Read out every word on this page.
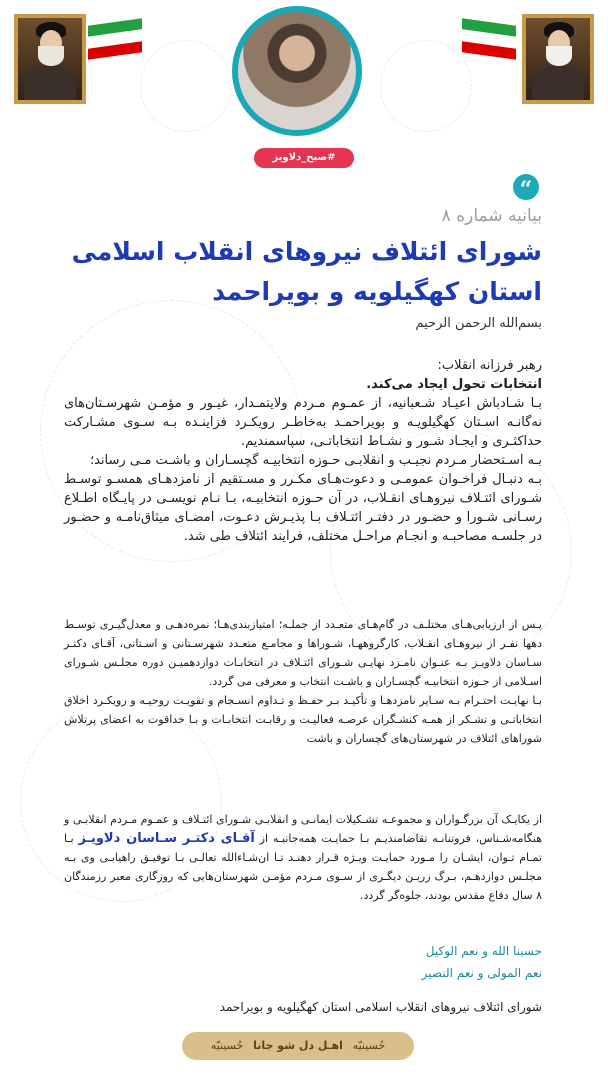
#صبح_دلاویز
“
بیانیه شماره ۸
شورای ائتلاف نیروهای انقلاب اسلامی استان کهگیلویه و بویراحمد
بسم‌الله الرحمن الرحیم

رهبر فرزانه انقلاب:

انتخابات تحول ایجاد می‌کند.

بـا شـادباش اعیـاد شـعبانیه، از عمـوم مـردم ولایتمـدار، غیـور و مؤمـن شهرسـتان‌های نه‌گانـه اسـتان کهگیلویـه و بویراحمـد به‌خاطـر رویکـرد فزاینـده بـه سـوی مشـارکت حداکثـری و ایجـاد شـور و نشـاط انتخاباتـی، سپاسمندیم.

بـه اسـتحضار مـردم نجیـب و انقلابـی حـوزه انتخابیـه گچسـاران و باشـت مـی رساند؛

بـه دنبـال فراخـوان عمومـی و دعوت‌هـای مکـرر و مسـتقیم از نامزدهـای همسـو توسـط شـورای ائتـلاف نیروهـای انقـلاب، در آن حـوزه انتخابیـه، بـا نـام نویسـی در پایـگاه اطـلاع رسـانی شـورا و حضـور در دفتـر ائتـلاف بـا پذیـرش دعـوت، امضـای میثاق‌نامـه و حضـور در جلسـه مصاحبـه و انجـام مراحـل مختلف، فرایند ائتلاف طی شد.

پـس از ارزیابی‌هـای مختلـف در گام‌هـای متعـدد از جملـه؛ امتیازبندی‌هـا؛ نمره‌دهـی و معدل‌گیـری توسـط دهها نفـر از نیروهـای انقـلاب، کارگروههـا، شـوراها و مجامـع متعـدد شهرسـتانی و اسـتانی، آقـای دکتـر سـاسان دلاویـز بـه عنـوان نامـزد نهایـی شـورای ائتـلاف در انتخابـات دوازدهمیـن دوره مجلـس شـورای اسـلامی از حـوزه انتخابیـه گچسـاران و باشـت انتخاب و معرفی می گردد.

بـا نهایـت احتـرام بـه سـایر نامزدهـا و تأکیـد بـر حفـظ و تـداوم انسـجام و تقویـت روحیـه و رویکـرد اخلاق انتخاباتـی و تشـکر از همـه کنشـگران عرصـه فعالیـت و رقابـت انتخابـات و بـا خداقوت به اعضای پرتلاش شوراهای ائتلاف در شهرستان‌های گچساران و باشت

از یکایـک آن بزرگـواران و مجموعـه تشـکیلات ایمانـی و انقلابـی شـورای ائتـلاف و عمـوم مـردم انقلابـی و هنگامه‌شـناس، فروتنانـه تقاضامندیـم بـا حمایـت همه‌جانبـه از آقـای دکتـر سـاسان دلاویـز بـا تمـام تـوان، ایشـان را مـورد حمایـت ویـژه قـرار دهنـد تـا ان‌شـاءالله تعالـی بـا توفیـق راهیابـی وی بـه مجلـس دوازدهـم، بـرگ زریـن دیگـری از سـوی مـردم مؤمـن شهرستان‌هایی که روزگاری معبر رزمندگان ۸ سال دفاع مقدس بودند، جلوه‌گر گردد.

حسبنا الله و نعم الوکیل
نعم المولی و نعم النصیر
شورای ائتلاف نیروهای انقلاب اسلامی استان کهگیلویه و بویراحمد
حُسینیّه اهـل دل شو جانا حُسینیّه
